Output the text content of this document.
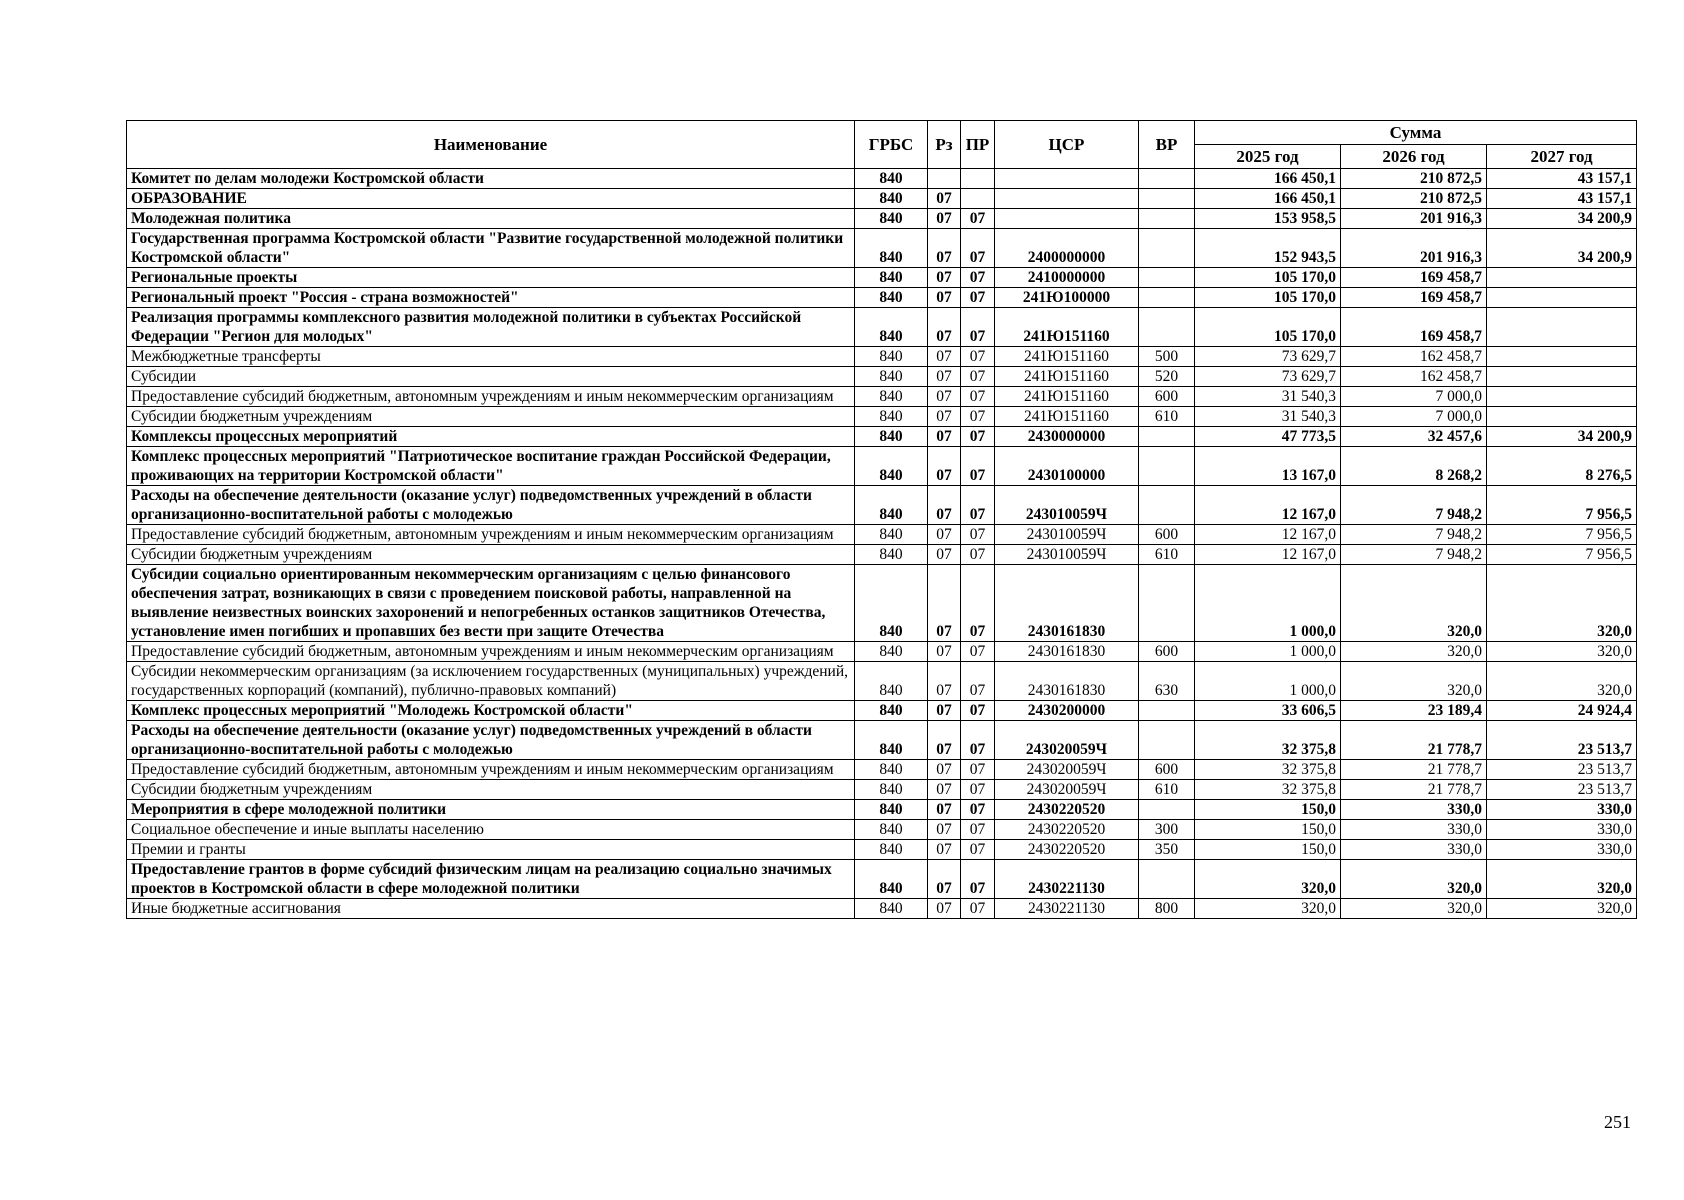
Наименование	ГРБС	Рз	ПР	ЦСР	ВР	Сумма		
						2025 год	2026 год	2027 год
Комитет по делам молодежи Костромской области	840					166 450,1	210 872,5	43 157,1
ОБРАЗОВАНИЕ	840	07				166 450,1	210 872,5	43 157,1
Молодежная политика	840	07	07			153 958,5	201 916,3	34 200,9
Государственная программа Костромской области "Развитие государственной молодежной политики Костромской области"	840	07	07	2400000000		152 943,5	201 916,3	34 200,9
Региональные проекты	840	07	07	2410000000		105 170,0	169 458,7	
Региональный проект "Россия - страна возможностей"	840	07	07	241Ю100000		105 170,0	169 458,7	
Реализация программы комплексного развития молодежной политики в субъектах Российской Федерации "Регион для молодых"	840	07	07	241Ю151160		105 170,0	169 458,7	
Межбюджетные трансферты	840	07	07	241Ю151160	500	73 629,7	162 458,7	
Субсидии	840	07	07	241Ю151160	520	73 629,7	162 458,7	
Предоставление субсидий бюджетным, автономным учреждениям и иным некоммерческим организациям	840	07	07	241Ю151160	600	31 540,3	7 000,0	
Субсидии бюджетным учреждениям	840	07	07	241Ю151160	610	31 540,3	7 000,0	
Комплексы процессных мероприятий	840	07	07	2430000000		47 773,5	32 457,6	34 200,9
Комплекс процессных мероприятий "Патриотическое воспитание граждан Российской Федерации, проживающих на территории Костромской области"	840	07	07	2430100000		13 167,0	8 268,2	8 276,5
Расходы на обеспечение деятельности (оказание услуг) подведомственных учреждений в области организационно-воспитательной работы с молодежью	840	07	07	243010059Ч		12 167,0	7 948,2	7 956,5
Предоставление субсидий бюджетным, автономным учреждениям и иным некоммерческим организациям	840	07	07	243010059Ч	600	12 167,0	7 948,2	7 956,5
Субсидии бюджетным учреждениям	840	07	07	243010059Ч	610	12 167,0	7 948,2	7 956,5
Субсидии социально ориентированным некоммерческим организациям с целью финансового обеспечения затрат, возникающих в связи с проведением поисковой работы, направленной на выявление неизвестных воинских захоронений и непогребенных останков защитников Отечества, установление имен погибших и пропавших без вести при защите Отечества	840	07	07	2430161830		1 000,0	320,0	320,0
Предоставление субсидий бюджетным, автономным учреждениям и иным некоммерческим организациям	840	07	07	2430161830	600	1 000,0	320,0	320,0
Субсидии некоммерческим организациям (за исключением государственных (муниципальных) учреждений, государственных корпораций (компаний), публично-правовых компаний)	840	07	07	2430161830	630	1 000,0	320,0	320,0
Комплекс процессных мероприятий "Молодежь Костромской области"	840	07	07	2430200000		33 606,5	23 189,4	24 924,4
Расходы на обеспечение деятельности (оказание услуг) подведомственных учреждений в области организационно-воспитательной работы с молодежью	840	07	07	243020059Ч		32 375,8	21 778,7	23 513,7
Предоставление субсидий бюджетным, автономным учреждениям и иным некоммерческим организациям	840	07	07	243020059Ч	600	32 375,8	21 778,7	23 513,7
Субсидии бюджетным учреждениям	840	07	07	243020059Ч	610	32 375,8	21 778,7	23 513,7
Мероприятия в сфере молодежной политики	840	07	07	2430220520		150,0	330,0	330,0
Социальное обеспечение и иные выплаты населению	840	07	07	2430220520	300	150,0	330,0	330,0
Премии и гранты	840	07	07	2430220520	350	150,0	330,0	330,0
Предоставление грантов в форме субсидий физическим лицам на реализацию социально значимых проектов в Костромской области в сфере молодежной политики	840	07	07	2430221130		320,0	320,0	320,0
Иные бюджетные ассигнования	840	07	07	2430221130	800	320,0	320,0	320,0
251
